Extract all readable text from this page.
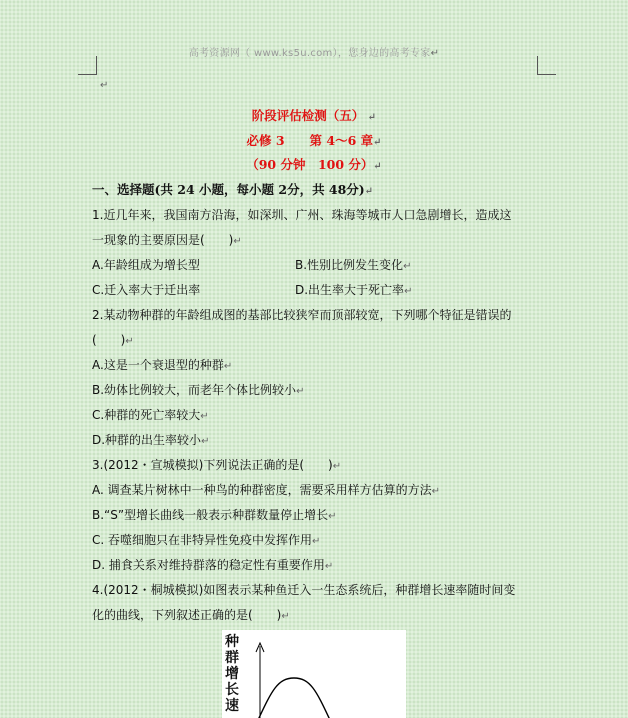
高考资源网（ www.ks5u.com），您身边的高考专家↵
↵
阶段评估检测（五） ↵
必修 3　　第 4～6 章↵
（90 分钟　100 分）↵
一、选择题(共 24 小题，每小题 2分，共 48分)↵
1.近几年来，我国南方沿海，如深圳、广州、珠海等城市人口急剧增长，造成这
一现象的主要原因是(　　)↵
A.年龄组成为增长型	B.性别比例发生变化↵
C.迁入率大于迁出率	D.出生率大于死亡率↵
2.某动物种群的年龄组成图的基部比较狭窄而顶部较宽，下列哪个特征是错误的
(　　)↵
A.这是一个衰退型的种群↵
B.幼体比例较大，而老年个体比例较小↵
C.种群的死亡率较大↵
D.种群的出生率较小↵
3.(2012・宣城模拟)下列说法正确的是(　　)↵
A. 调查某片树林中一种鸟的种群密度，需要采用样方估算的方法↵
B.“S”型增长曲线一般表示种群数量停止增长↵
C. 吞噬细胞只在非特异性免疫中发挥作用↵
D. 捕食关系对维持群落的稳定性有重要作用↵
4.(2012・桐城模拟)如图表示某种鱼迁入一生态系统后，种群增长速率随时间变
化的曲线，下列叙述正确的是(　　)↵
种群增长速
